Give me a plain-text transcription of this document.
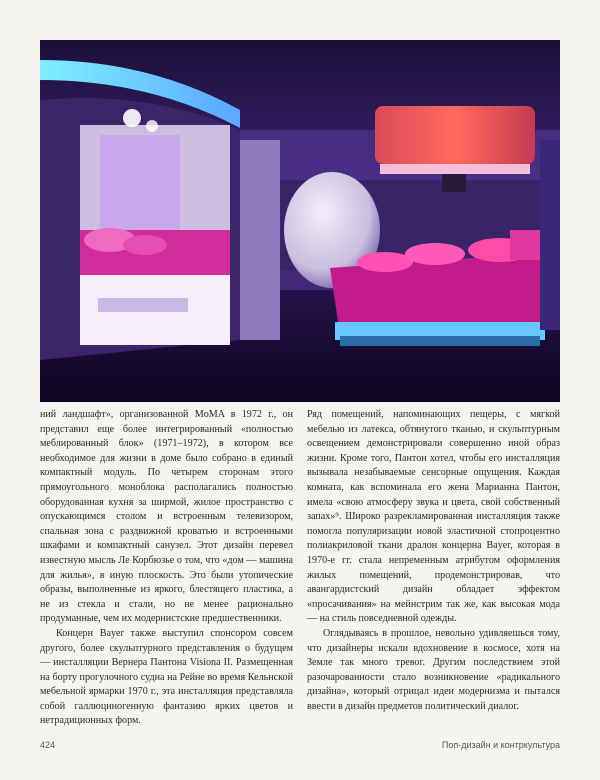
ний ландшафт», организованной MoMA в 1972 г., он представил еще более интегрированный «полностью меблированный блок» (1971–1972), в котором все необходимое для жизни в доме было собрано в единый компактный модуль. По четырем сторонам этого прямоугольного моноблока располагались полностью оборудованная кухня за ширмой, жилое пространство с опускающимся столом и встроенным телевизором, спальная зона с раздвижной кроватью и встроенными шкафами и компактный санузел. Этот дизайн перевел известную мысль Ле Корбюзье о том, что «дом — машина для жилья», в иную плоскость. Это были утопические образы, выполненные из яркого, блестящего пластика, а не из стекла и стали, но не менее рационально продуманные, чем их модернистские предшественники.

Концерн Bayer также выступил спонсором совсем другого, более скульптурного представления о будущем — инсталляции Вернера Пантона Visiona II. Размещенная на борту прогулочного судна на Рейне во время Кельнской мебельной ярмарки 1970 г., эта инсталляция представляла собой галлюциногенную фантазию ярких цветов и нетрадиционных форм.

Ряд помещений, напоминающих пещеры, с мягкой мебелью из латекса, обтянутого тканью, и скульптурным освещением демонстрировали совершенно иной образ жизни. Кроме того, Пантон хотел, чтобы его инсталляция вызывала незабываемые сенсорные ощущения. Каждая комната, как вспоминала его жена Марианна Пантон, имела «свою атмосферу звука и цвета, свой собственный запах»⁹. Широко разрекламированная инсталляция также помогла популяризации новой эластичной стопроцентно полиакриловой ткани дралон концерна Bayer, которая в 1970-е гг. стала непременным атрибутом оформления жилых помещений, продемонстрировав, что авангардистский дизайн обладает эффектом «просачивания» на мейнстрим так же, как высокая мода — на стиль повседневной одежды.

Оглядываясь в прошлое, невольно удивляешься тому, что дизайнеры искали вдохновение в космосе, хотя на Земле так много тревог. Другим последствием этой разочарованности стало возникновение «радикального дизайна», который отрицал идеи модернизма и пытался ввести в дизайн предметов политический диалог.

424	Поп-дизайн и контркультура
